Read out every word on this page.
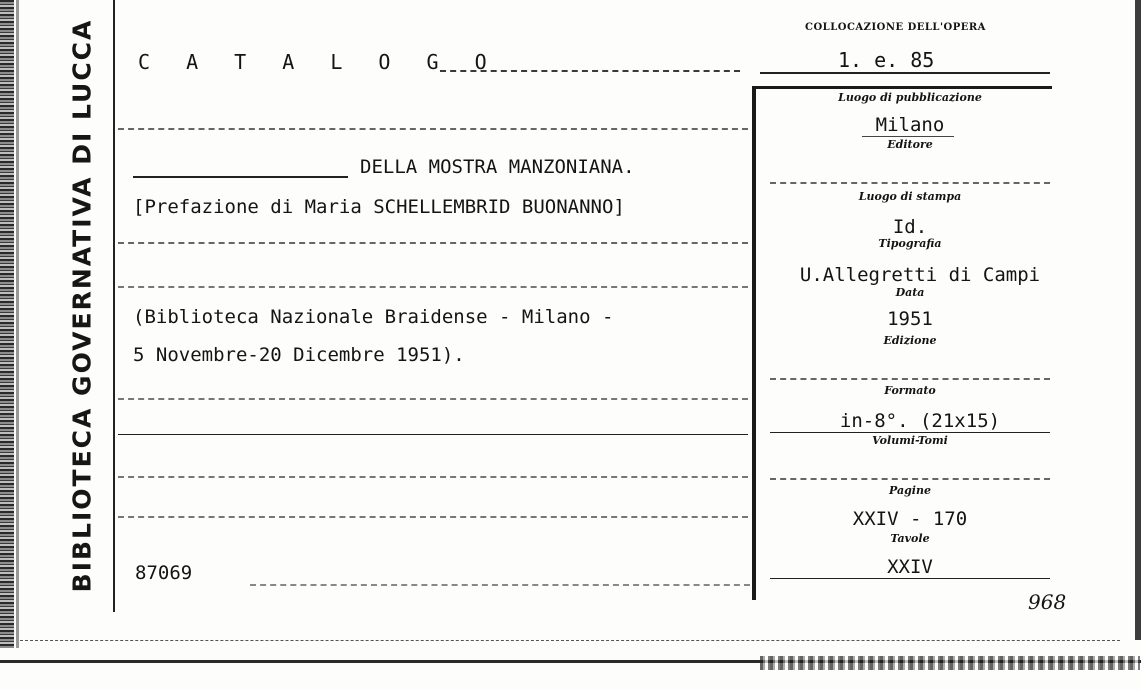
BIBLIOTECA GOVERNATIVA DI LUCCA	COLLOCAZIONE DELL'OPERA
1. e. 85
C A T A L O G O
DELLA MOSTRA MANZONIANA.
[Prefazione di Maria SCHELLEMBRID BUONANNO]
(Biblioteca Nazionale Braidense - Milano -
5 Novembre-20 Dicembre 1951).
87069
Luogo di pubblicazione
Milano
Editore
Luogo di stampa
Id.
Tipografia
U.Allegretti di Campi
Data
1951
Edizione
Formato
in-8°. (21x15)
Volumi-Tomi
Pagine
XXIV - 170
Tavole
XXIV
968
